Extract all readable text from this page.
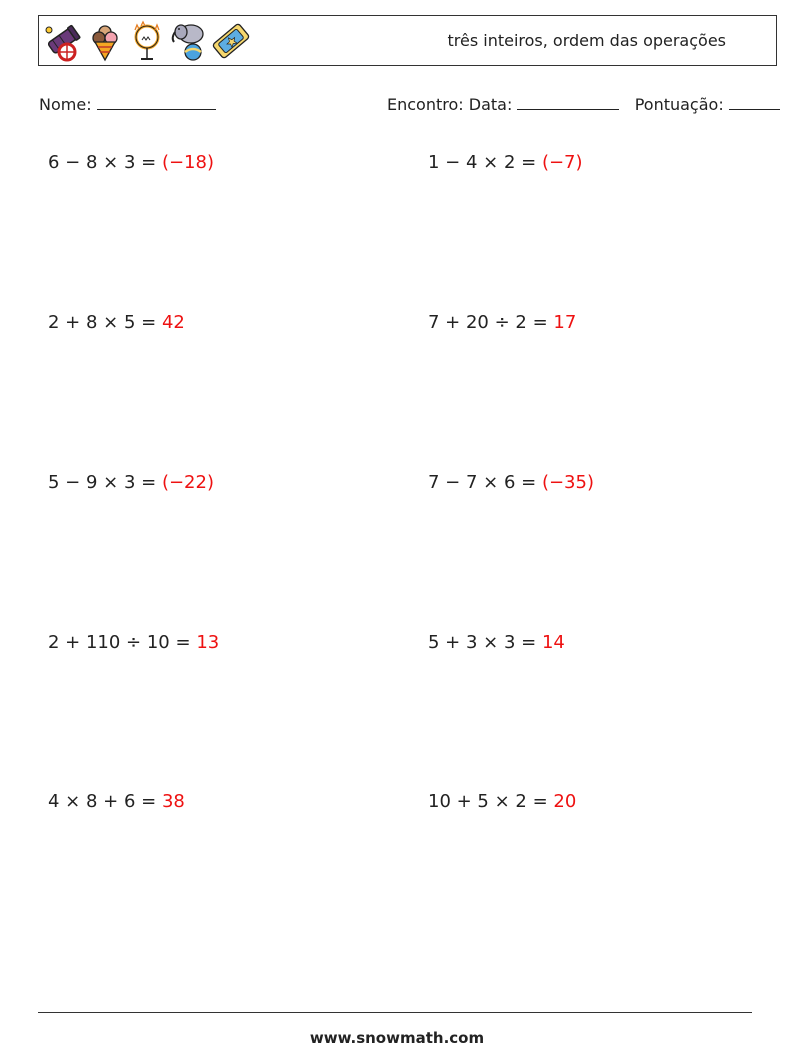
três inteiros, ordem das operações
Nome:	Encontro: Data:	Pontuação:
6 − 8 × 3 = (−18)	1 − 4 × 2 = (−7)
2 + 8 × 5 = 42	7 + 20 ÷ 2 = 17
5 − 9 × 3 = (−22)	7 − 7 × 6 = (−35)
2 + 110 ÷ 10 = 13	5 + 3 × 3 = 14
4 × 8 + 6 = 38	10 + 5 × 2 = 20
www.snowmath.com
